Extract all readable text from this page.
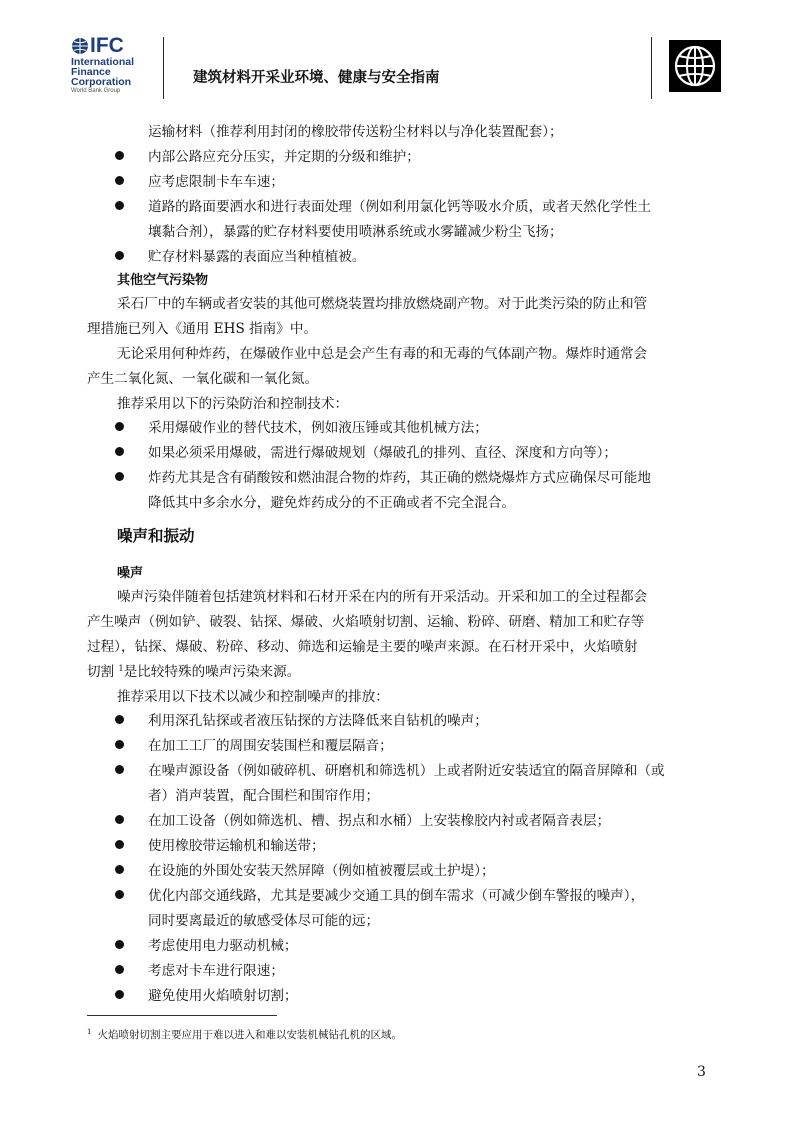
IFC
International
Finance
Corporation
World Bank Group
建筑材料开采业环境、健康与安全指南
运输材料（推荐利用封闭的橡胶带传送粉尘材料以与净化装置配套）；
内部公路应充分压实，并定期的分级和维护；
应考虑限制卡车车速；
道路的路面要洒水和进行表面处理（例如利用氯化钙等吸水介质，或者天然化学性土
壤黏合剂），暴露的贮存材料要使用喷淋系统或水雾罐减少粉尘飞扬；
贮存材料暴露的表面应当种植植被。
其他空气污染物
采石厂中的车辆或者安装的其他可燃烧装置均排放燃烧副产物。对于此类污染的防止和管
理措施已列入《通用 EHS 指南》中。
无论采用何种炸药，在爆破作业中总是会产生有毒的和无毒的气体副产物。爆炸时通常会
产生二氧化氮、一氧化碳和一氧化氮。
推荐采用以下的污染防治和控制技术：
采用爆破作业的替代技术，例如液压锤或其他机械方法；
如果必须采用爆破，需进行爆破规划（爆破孔的排列、直径、深度和方向等）；
炸药尤其是含有硝酸铵和燃油混合物的炸药，其正确的燃烧爆炸方式应确保尽可能地
降低其中多余水分，避免炸药成分的不正确或者不完全混合。
噪声和振动
噪声
噪声污染伴随着包括建筑材料和石材开采在内的所有开采活动。开采和加工的全过程都会
产生噪声（例如铲、破裂、钻探、爆破、火焰喷射切割、运输、粉碎、研磨、精加工和贮存等
过程），钻探、爆破、粉碎、移动、筛选和运输是主要的噪声来源。在石材开采中，火焰喷射
切割 $^1$是比较特殊的噪声污染来源。
推荐采用以下技术以减少和控制噪声的排放：
利用深孔钻探或者液压钻探的方法降低来自钻机的噪声；
在加工工厂的周围安装围栏和覆层隔音；
在噪声源设备（例如破碎机、研磨机和筛选机）上或者附近安装适宜的隔音屏障和（或
者）消声装置，配合围栏和围帘作用；
在加工设备（例如筛选机、槽、拐点和水桶）上安装橡胶内衬或者隔音表层；
使用橡胶带运输机和输送带；
在设施的外围处安装天然屏障（例如植被覆层或土护堤）；
优化内部交通线路，尤其是要减少交通工具的倒车需求（可减少倒车警报的噪声），
同时要离最近的敏感受体尽可能的远；
考虑使用电力驱动机械；
考虑对卡车进行限速；
避免使用火焰喷射切割；
$^1$ 火焰喷射切割主要应用于难以进入和难以安装机械钻孔机的区域。
3
